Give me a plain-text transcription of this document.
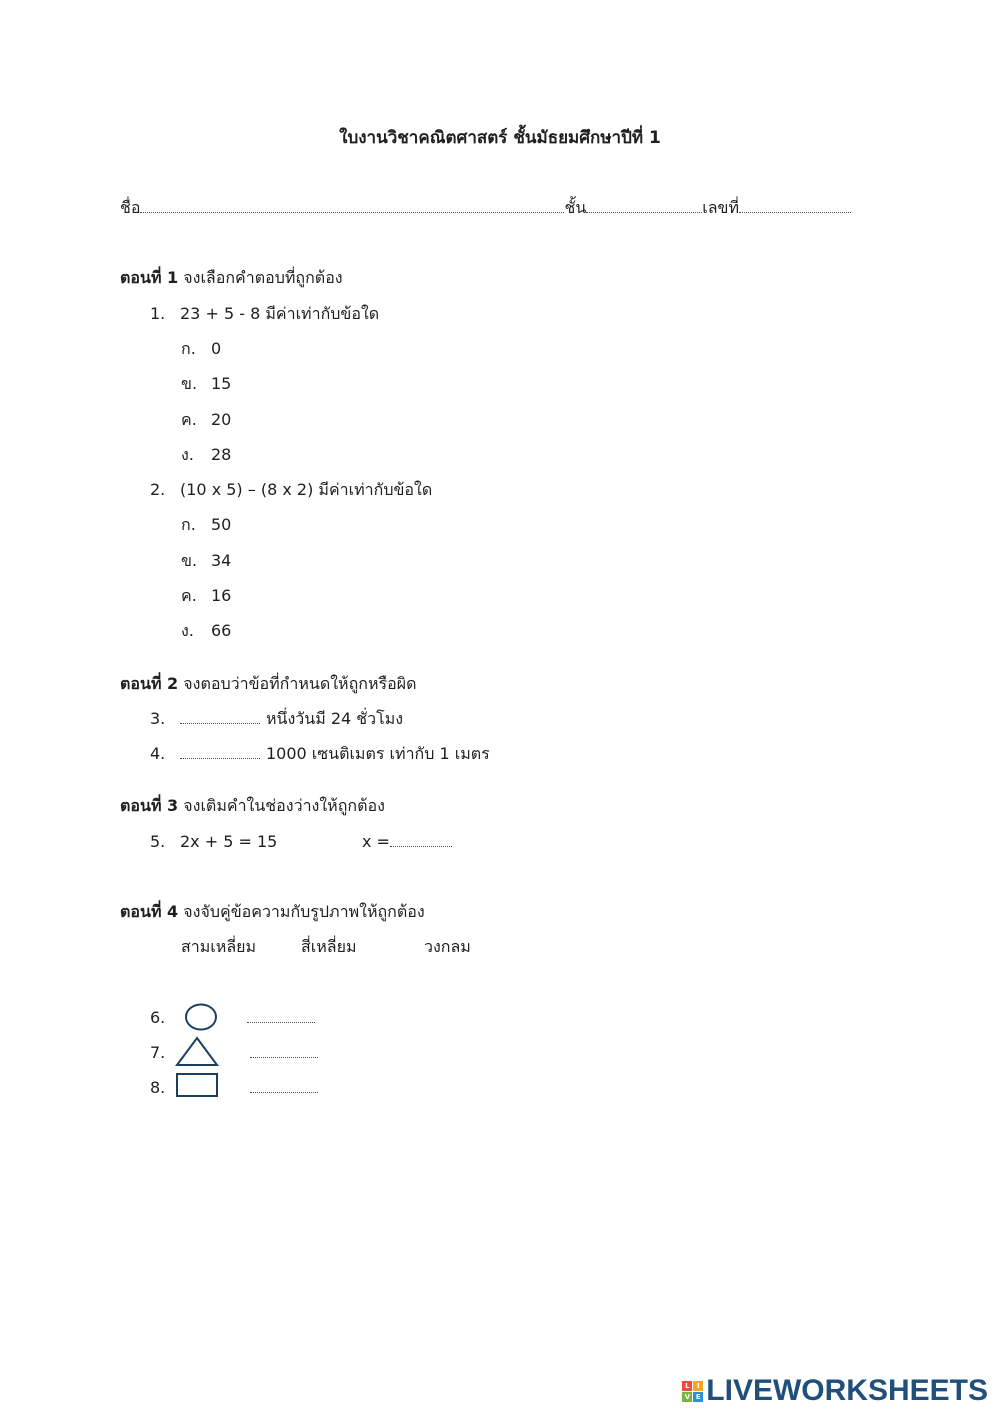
ใบงานวิชาคณิตศาสตร์ ชั้นมัธยมศึกษาปีที่ 1
ชื่อ	ชั้น	เลขที่
ตอนที่ 1 จงเลือกคำตอบที่ถูกต้อง
1. 23 + 5 - 8 มีค่าเท่ากับข้อใด
ก. 0
ข. 15
ค. 20
ง. 28
2. (10 x 5) – (8 x 2) มีค่าเท่ากับข้อใด
ก. 50
ข. 34
ค. 16
ง. 66
ตอนที่ 2 จงตอบว่าข้อที่กำหนดให้ถูกหรือผิด
3.	หนึ่งวันมี 24 ชั่วโมง
4.	1000 เซนติเมตร เท่ากับ 1 เมตร
ตอนที่ 3 จงเติมคำในช่องว่างให้ถูกต้อง
5. 2x + 5 = 15	x =
ตอนที่ 4 จงจับคู่ข้อความกับรูปภาพให้ถูกต้อง
สามเหลี่ยม	สี่เหลี่ยม	วงกลม
6.
7.
8.
L	I
V E LIVEWORKSHEETS
